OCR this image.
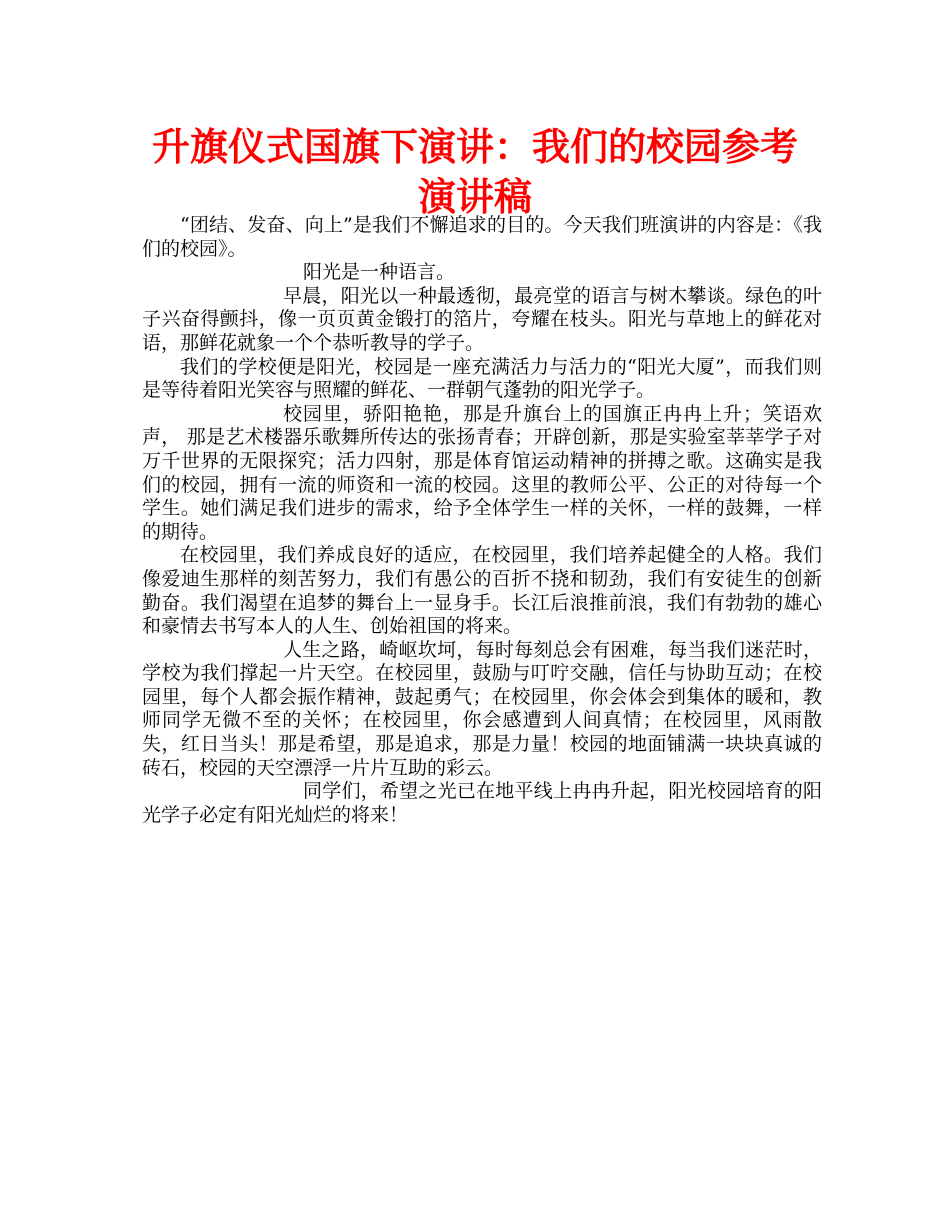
升旗仪式国旗下演讲：我们的校园参考演讲稿

“团结、发奋、向上”是我们不懈追求的目的。今天我们班演讲的内容是：《我们的校园》。

阳光是一种语言。

早晨，阳光以一种最透彻，最亮堂的语言与树木攀谈。绿色的叶子兴奋得颤抖，像一页页黄金锻打的箔片，夸耀在枝头。阳光与草地上的鲜花对语，那鲜花就象一个个恭听教导的学子。

我们的学校便是阳光，校园是一座充满活力与活力的“阳光大厦”，而我们则是等待着阳光笑容与照耀的鲜花、一群朝气蓬勃的阳光学子。

校园里，骄阳艳艳，那是升旗台上的国旗正冉冉上升；笑语欢声， 那是艺术楼器乐歌舞所传达的张扬青春；开辟创新，那是实验室莘莘学子对万千世界的无限探究；活力四射，那是体育馆运动精神的拼搏之歌。这确实是我们的校园，拥有一流的师资和一流的校园。这里的教师公平、公正的对待每一个学生。她们满足我们进步的需求，给予全体学生一样的关怀，一样的鼓舞，一样的期待。

在校园里，我们养成良好的适应，在校园里，我们培养起健全的人格。我们像爱迪生那样的刻苦努力，我们有愚公的百折不挠和韧劲，我们有安徒生的创新勤奋。我们渴望在追梦的舞台上一显身手。长江后浪推前浪，我们有勃勃的雄心和豪情去书写本人的人生、创始祖国的将来。

人生之路，崎岖坎坷，每时每刻总会有困难，每当我们迷茫时，学校为我们撑起一片天空。在校园里，鼓励与叮咛交融，信任与协助互动；在校园里，每个人都会振作精神，鼓起勇气；在校园里，你会体会到集体的暖和，教师同学无微不至的关怀；在校园里，你会感遭到人间真情；在校园里，风雨散失，红日当头！那是希望，那是追求，那是力量！校园的地面铺满一块块真诚的砖石，校园的天空漂浮一片片互助的彩云。

同学们，希望之光已在地平线上冉冉升起，阳光校园培育的阳光学子必定有阳光灿烂的将来！
